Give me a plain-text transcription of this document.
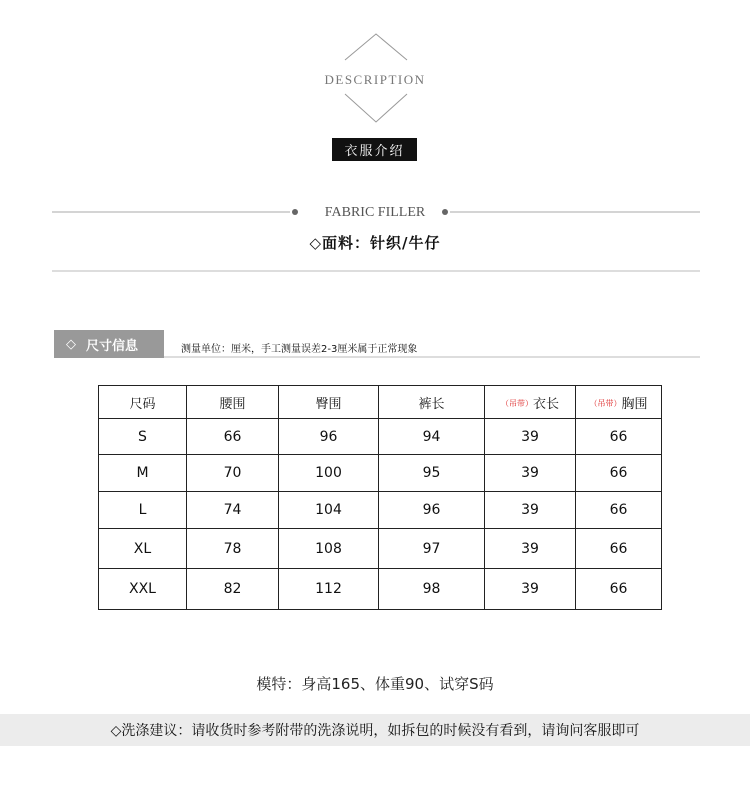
DESCRIPTION
衣服介绍
FABRIC FILLER
◇面料：针织/牛仔
◇ 尺寸信息	测量单位：厘米，手工测量误差2-3厘米属于正常现象
尺码	腰围	臀围	裤长	（吊带）衣长	（吊带）胸围
S	66	96	94	39	66
M	70	100	95	39	66
L	74	104	96	39	66
XL	78	108	97	39	66
XXL	82	112	98	39	66
模特：身高165、体重90、试穿S码
◇洗涤建议：请收货时参考附带的洗涤说明，如拆包的时候没有看到，请询问客服即可
